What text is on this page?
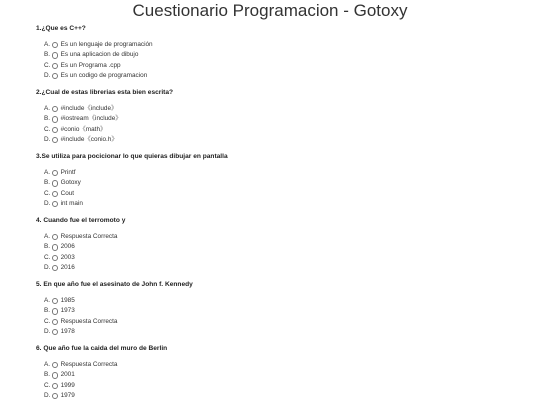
Cuestionario Programacion - Gotoxy

1.¿Que es C++?

A. Es un lenguaje de programación
B. Es una aplicacion de dibujo
C. Es un Programa .cpp
D. Es un codigo de programacion

2.¿Cual de estas librerias esta bien escrita?

A. #include《include》
B. #iostream《include》
C. #conio《math》
D. #include《conio.h》

3.Se utiliza para pocicionar lo que quieras dibujar en pantalla

A. Printf
B. Gotoxy
C. Cout
D. int main

4. Cuando fue el terromoto y

A. Respuesta Correcta
B. 2006
C. 2003
D. 2016

5. En que año fue el asesinato de John f. Kennedy

A. 1985
B. 1973
C. Respuesta Correcta
D. 1978

6. Que año fue la caida del muro de Berlin

A. Respuesta Correcta
B. 2001
C. 1999
D. 1979
